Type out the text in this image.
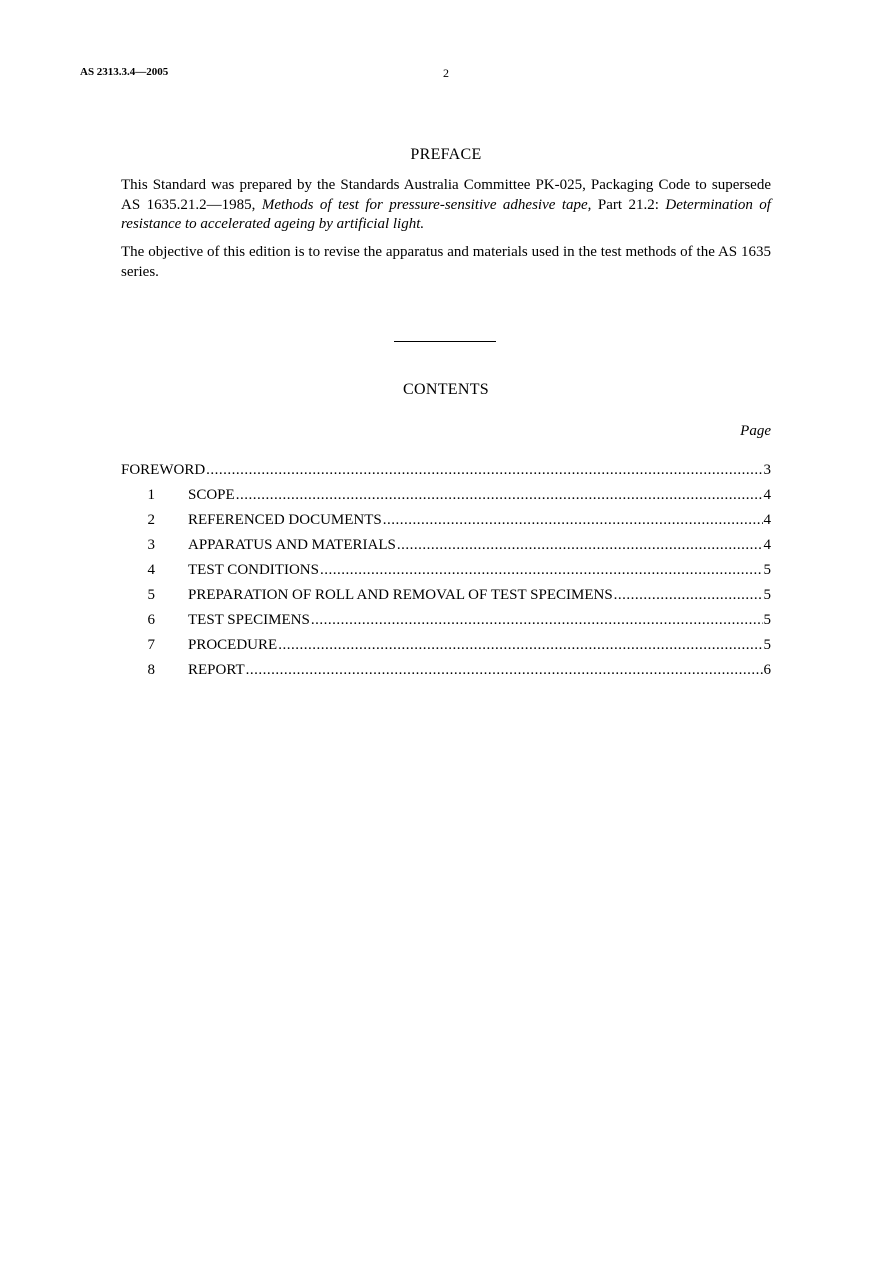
AS 2313.3.4—2005	2
PREFACE

This Standard was prepared by the Standards Australia Committee PK-025, Packaging Code to supersede AS 1635.21.2—1985, Methods of test for pressure-sensitive adhesive tape, Part 21.2: Determination of resistance to accelerated ageing by artificial light.

The objective of this edition is to revise the apparatus and materials used in the test methods of the AS 1635 series.

CONTENTS
Page
FOREWORD .....	3
1 SCOPE .....	4
2 REFERENCED DOCUMENTS .....	4
3 APPARATUS AND MATERIALS .....	4
4 TEST CONDITIONS .....	5
5 PREPARATION OF ROLL AND REMOVAL OF TEST SPECIMENS .....	5
6 TEST SPECIMENS .....	5
7 PROCEDURE .....	5
8 REPORT .....	6
